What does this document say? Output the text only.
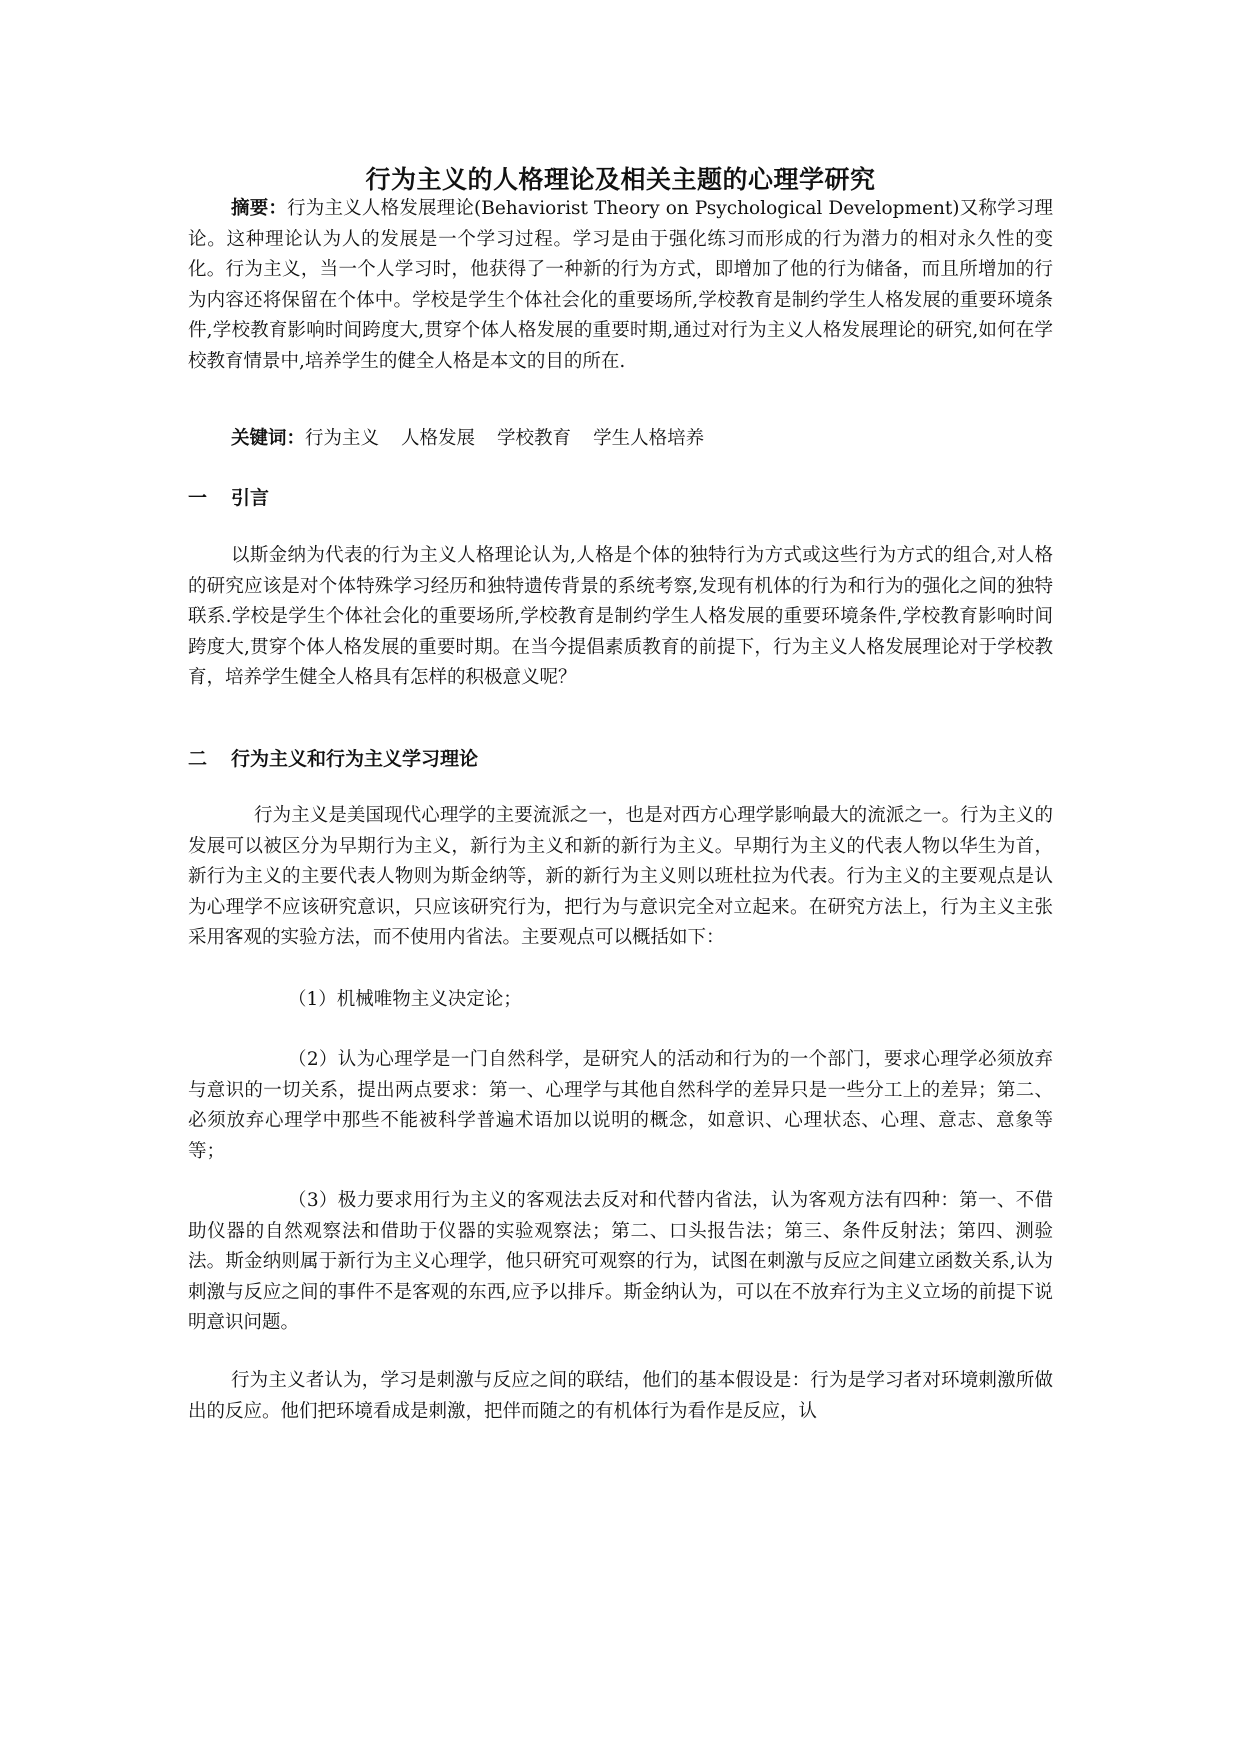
行为主义的人格理论及相关主题的心理学研究

摘要：行为主义人格发展理论(Behaviorist Theory on Psychological Development)又称学习理论。这种理论认为人的发展是一个学习过程。学习是由于强化练习而形成的行为潜力的相对永久性的变化。行为主义，当一个人学习时，他获得了一种新的行为方式，即增加了他的行为储备，而且所增加的行为内容还将保留在个体中。学校是学生个体社会化的重要场所,学校教育是制约学生人格发展的重要环境条件,学校教育影响时间跨度大,贯穿个体人格发展的重要时期,通过对行为主义人格发展理论的研究,如何在学校教育情景中,培养学生的健全人格是本文的目的所在.

关键词：行为主义 人格发展 学校教育 学生人格培养

一 引言

以斯金纳为代表的行为主义人格理论认为,人格是个体的独特行为方式或这些行为方式的组合,对人格的研究应该是对个体特殊学习经历和独特遗传背景的系统考察,发现有机体的行为和行为的强化之间的独特联系.学校是学生个体社会化的重要场所,学校教育是制约学生人格发展的重要环境条件,学校教育影响时间跨度大,贯穿个体人格发展的重要时期。在当今提倡素质教育的前提下，行为主义人格发展理论对于学校教育，培养学生健全人格具有怎样的积极意义呢？

二 行为主义和行为主义学习理论

行为主义是美国现代心理学的主要流派之一，也是对西方心理学影响最大的流派之一。行为主义的发展可以被区分为早期行为主义，新行为主义和新的新行为主义。早期行为主义的代表人物以华生为首，新行为主义的主要代表人物则为斯金纳等，新的新行为主义则以班杜拉为代表。行为主义的主要观点是认为心理学不应该研究意识，只应该研究行为，把行为与意识完全对立起来。在研究方法上，行为主义主张采用客观的实验方法，而不使用内省法。主要观点可以概括如下：

（1）机械唯物主义决定论；

（2）认为心理学是一门自然科学，是研究人的活动和行为的一个部门，要求心理学必须放弃与意识的一切关系，提出两点要求：第一、心理学与其他自然科学的差异只是一些分工上的差异；第二、必须放弃心理学中那些不能被科学普遍术语加以说明的概念，如意识、心理状态、心理、意志、意象等等；

（3）极力要求用行为主义的客观法去反对和代替内省法，认为客观方法有四种：第一、不借助仪器的自然观察法和借助于仪器的实验观察法；第二、口头报告法；第三、条件反射法；第四、测验法。斯金纳则属于新行为主义心理学，他只研究可观察的行为，试图在刺激与反应之间建立函数关系,认为刺激与反应之间的事件不是客观的东西,应予以排斥。斯金纳认为，可以在不放弃行为主义立场的前提下说明意识问题。

行为主义者认为，学习是刺激与反应之间的联结，他们的基本假设是：行为是学习者对环境刺激所做出的反应。他们把环境看成是刺激，把伴而随之的有机体行为看作是反应，认
